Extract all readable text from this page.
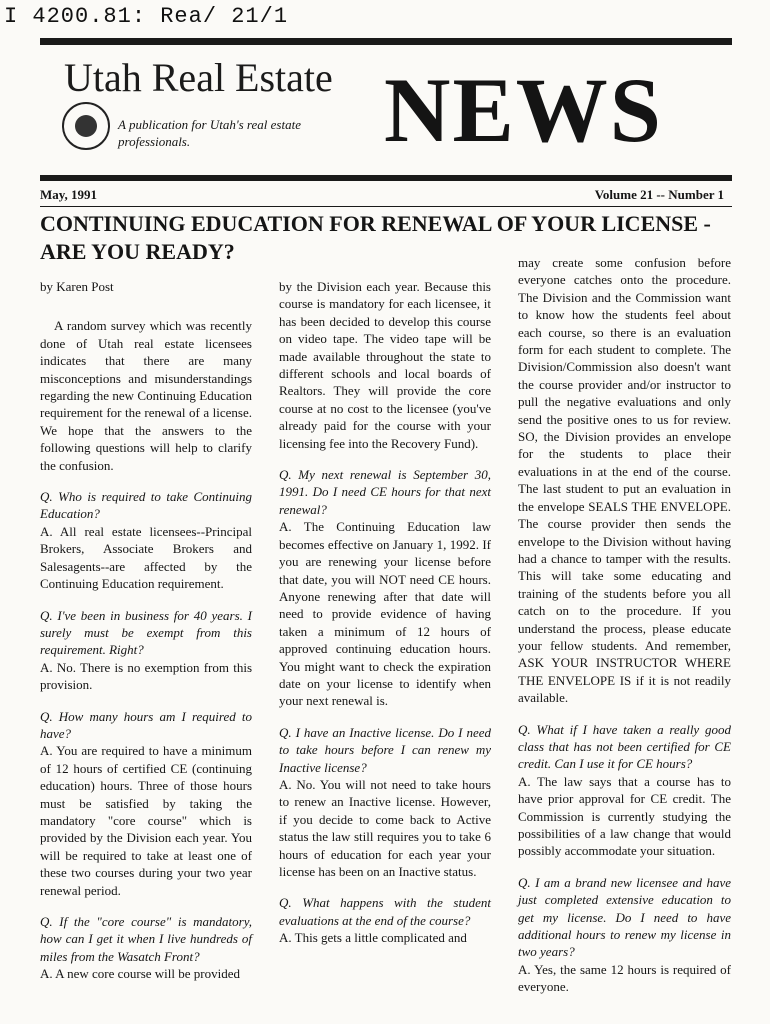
I 4200.81: Rea/ 21/1
Utah Real Estate NEWS
A publication for Utah's real estate professionals.
May, 1991	Volume 21 -- Number 1
CONTINUING EDUCATION FOR RENEWAL OF YOUR LICENSE - ARE YOU READY?

by Karen Post

A random survey which was recently done of Utah real estate licensees indicates that there are many misconceptions and misunderstandings regarding the new Continuing Education requirement for the renewal of a license. We hope that the answers to the following questions will help to clarify the confusion.

Q. Who is required to take Continuing Education?

A. All real estate licensees--Principal Brokers, Associate Brokers and Salesagents--are affected by the Continuing Education requirement.

Q. I've been in business for 40 years. I surely must be exempt from this requirement. Right?

A. No. There is no exemption from this provision.

Q. How many hours am I required to have?

A. You are required to have a minimum of 12 hours of certified CE (continuing education) hours. Three of those hours must be satisfied by taking the mandatory "core course" which is provided by the Division each year. You will be required to take at least one of these two courses during your two year renewal period.

Q. If the "core course" is mandatory, how can I get it when I live hundreds of miles from the Wasatch Front?

A. A new core course will be provided

by the Division each year. Because this course is mandatory for each licensee, it has been decided to develop this course on video tape. The video tape will be made available throughout the state to different schools and local boards of Realtors. They will provide the core course at no cost to the licensee (you've already paid for the course with your licensing fee into the Recovery Fund).

Q. My next renewal is September 30, 1991. Do I need CE hours for that next renewal?

A. The Continuing Education law becomes effective on January 1, 1992. If you are renewing your license before that date, you will NOT need CE hours. Anyone renewing after that date will need to provide evidence of having taken a minimum of 12 hours of approved continuing education hours. You might want to check the expiration date on your license to identify when your next renewal is.

Q. I have an Inactive license. Do I need to take hours before I can renew my Inactive license?

A. No. You will not need to take hours to renew an Inactive license. However, if you decide to come back to Active status the law still requires you to take 6 hours of education for each year your license has been on an Inactive status.

Q. What happens with the student evaluations at the end of the course?

A. This gets a little complicated and

may create some confusion before everyone catches onto the procedure. The Division and the Commission want to know how the students feel about each course, so there is an evaluation form for each student to complete. The Division/Commission also doesn't want the course provider and/or instructor to pull the negative evaluations and only send the positive ones to us for review. SO, the Division provides an envelope for the students to place their evaluations in at the end of the course. The last student to put an evaluation in the envelope SEALS THE ENVELOPE. The course provider then sends the envelope to the Division without having had a chance to tamper with the results. This will take some educating and training of the students before you all catch on to the procedure. If you understand the process, please educate your fellow students. And remember, ASK YOUR INSTRUCTOR WHERE THE ENVELOPE IS if it is not readily available.

Q. What if I have taken a really good class that has not been certified for CE credit. Can I use it for CE hours?

A. The law says that a course has to have prior approval for CE credit. The Commission is currently studying the possibilities of a law change that would possibly accommodate your situation.

Q. I am a brand new licensee and have just completed extensive education to get my license. Do I need to have additional hours to renew my license in two years?

A. Yes, the same 12 hours is required of everyone.
